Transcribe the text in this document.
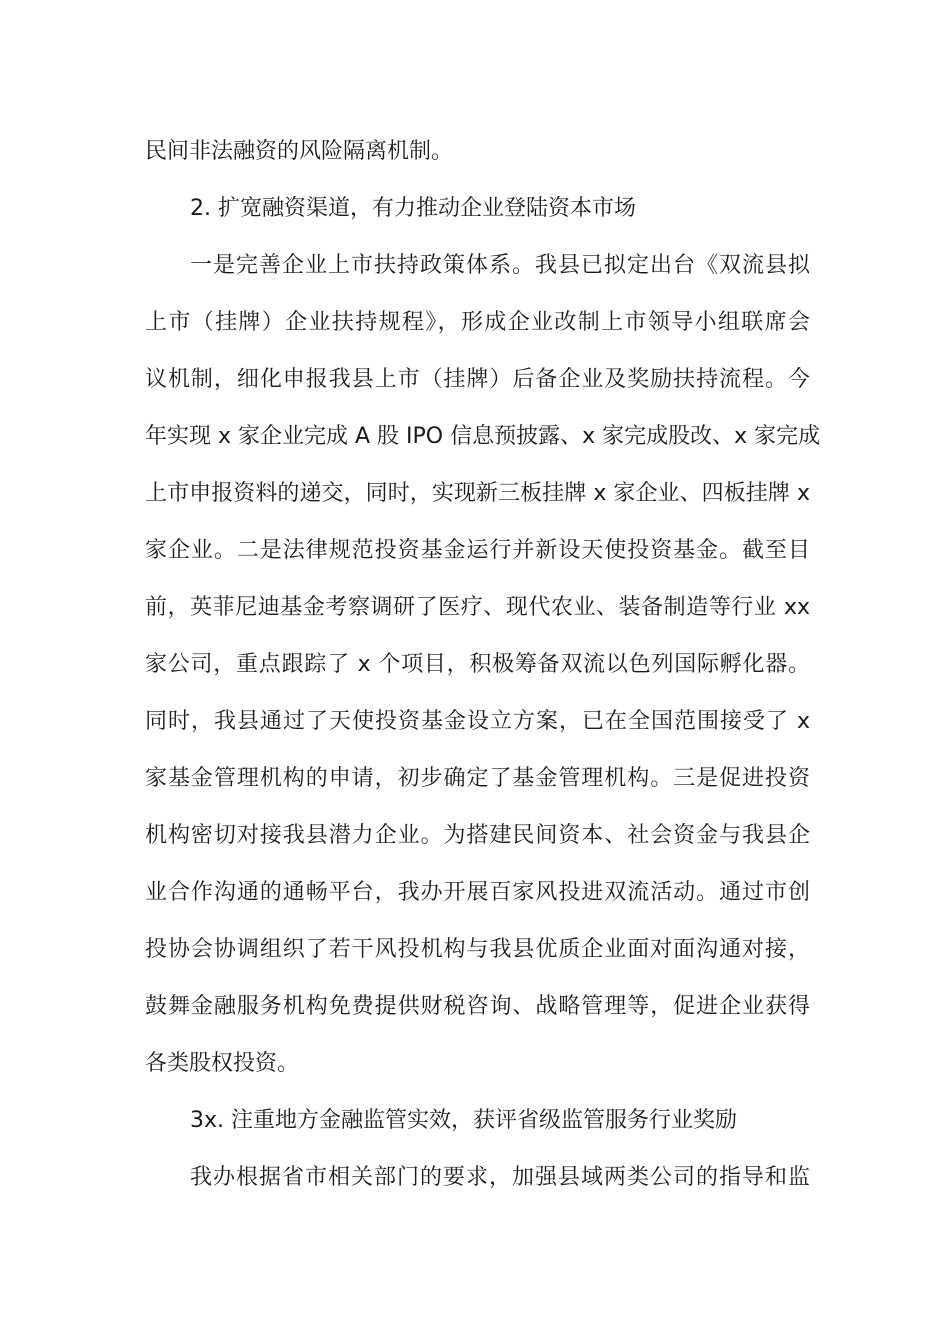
民间非法融资的风险隔离机制。
2. 扩宽融资渠道，有力推动企业登陆资本市场
一是完善企业上市扶持政策体系。我县已拟定出台《双流县拟
上市（挂牌）企业扶持规程》，形成企业改制上市领导小组联席会
议机制，细化申报我县上市（挂牌）后备企业及奖励扶持流程。今
年实现 x 家企业完成 A 股 IPO 信息预披露、x 家完成股改、x 家完成
上市申报资料的递交，同时，实现新三板挂牌 x 家企业、四板挂牌 x
家企业。二是法律规范投资基金运行并新设天使投资基金。截至目
前，英菲尼迪基金考察调研了医疗、现代农业、装备制造等行业 xx
家公司，重点跟踪了 x 个项目，积极筹备双流以色列国际孵化器。
同时，我县通过了天使投资基金设立方案，已在全国范围接受了 x
家基金管理机构的申请，初步确定了基金管理机构。三是促进投资
机构密切对接我县潜力企业。为搭建民间资本、社会资金与我县企
业合作沟通的通畅平台，我办开展百家风投进双流活动。通过市创
投协会协调组织了若干风投机构与我县优质企业面对面沟通对接，
鼓舞金融服务机构免费提供财税咨询、战略管理等，促进企业获得
各类股权投资。
3x. 注重地方金融监管实效，获评省级监管服务行业奖励
我办根据省市相关部门的要求，加强县域两类公司的指导和监
